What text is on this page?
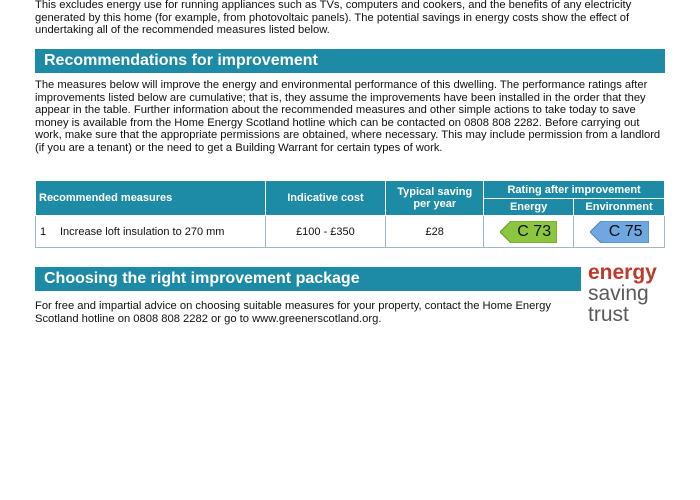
This excludes energy use for running appliances such as TVs, computers and cookers, and the benefits of any electricity generated by this home (for example, from photovoltaic panels). The potential savings in energy costs show the effect of undertaking all of the recommended measures listed below.

Recommendations for improvement

The measures below will improve the energy and environmental performance of this dwelling. The performance ratings after improvements listed below are cumulative; that is, they assume the improvements have been installed in the order that they appear in the table. Further information about the recommended measures and other simple actions to take today to save money is available from the Home Energy Scotland hotline which can be contacted on 0808 808 2282. Before carrying out work, make sure that the appropriate permissions are obtained, where necessary. This may include permission from a landlord (if you are a tenant) or the need to get a Building Warrant for certain types of work.

Recommended measures	Indicative cost	Typical saving per year	Rating after improvement	
			Energy	Environment
1 Increase loft insulation to 270 mm	£100 - £350	£28	C 73	C 75
Choosing the right improvement package

For free and impartial advice on choosing suitable measures for your property, contact the Home Energy Scotland hotline on 0808 808 2282 or go to www.greenerscotland.org.

energy
saving
trust
